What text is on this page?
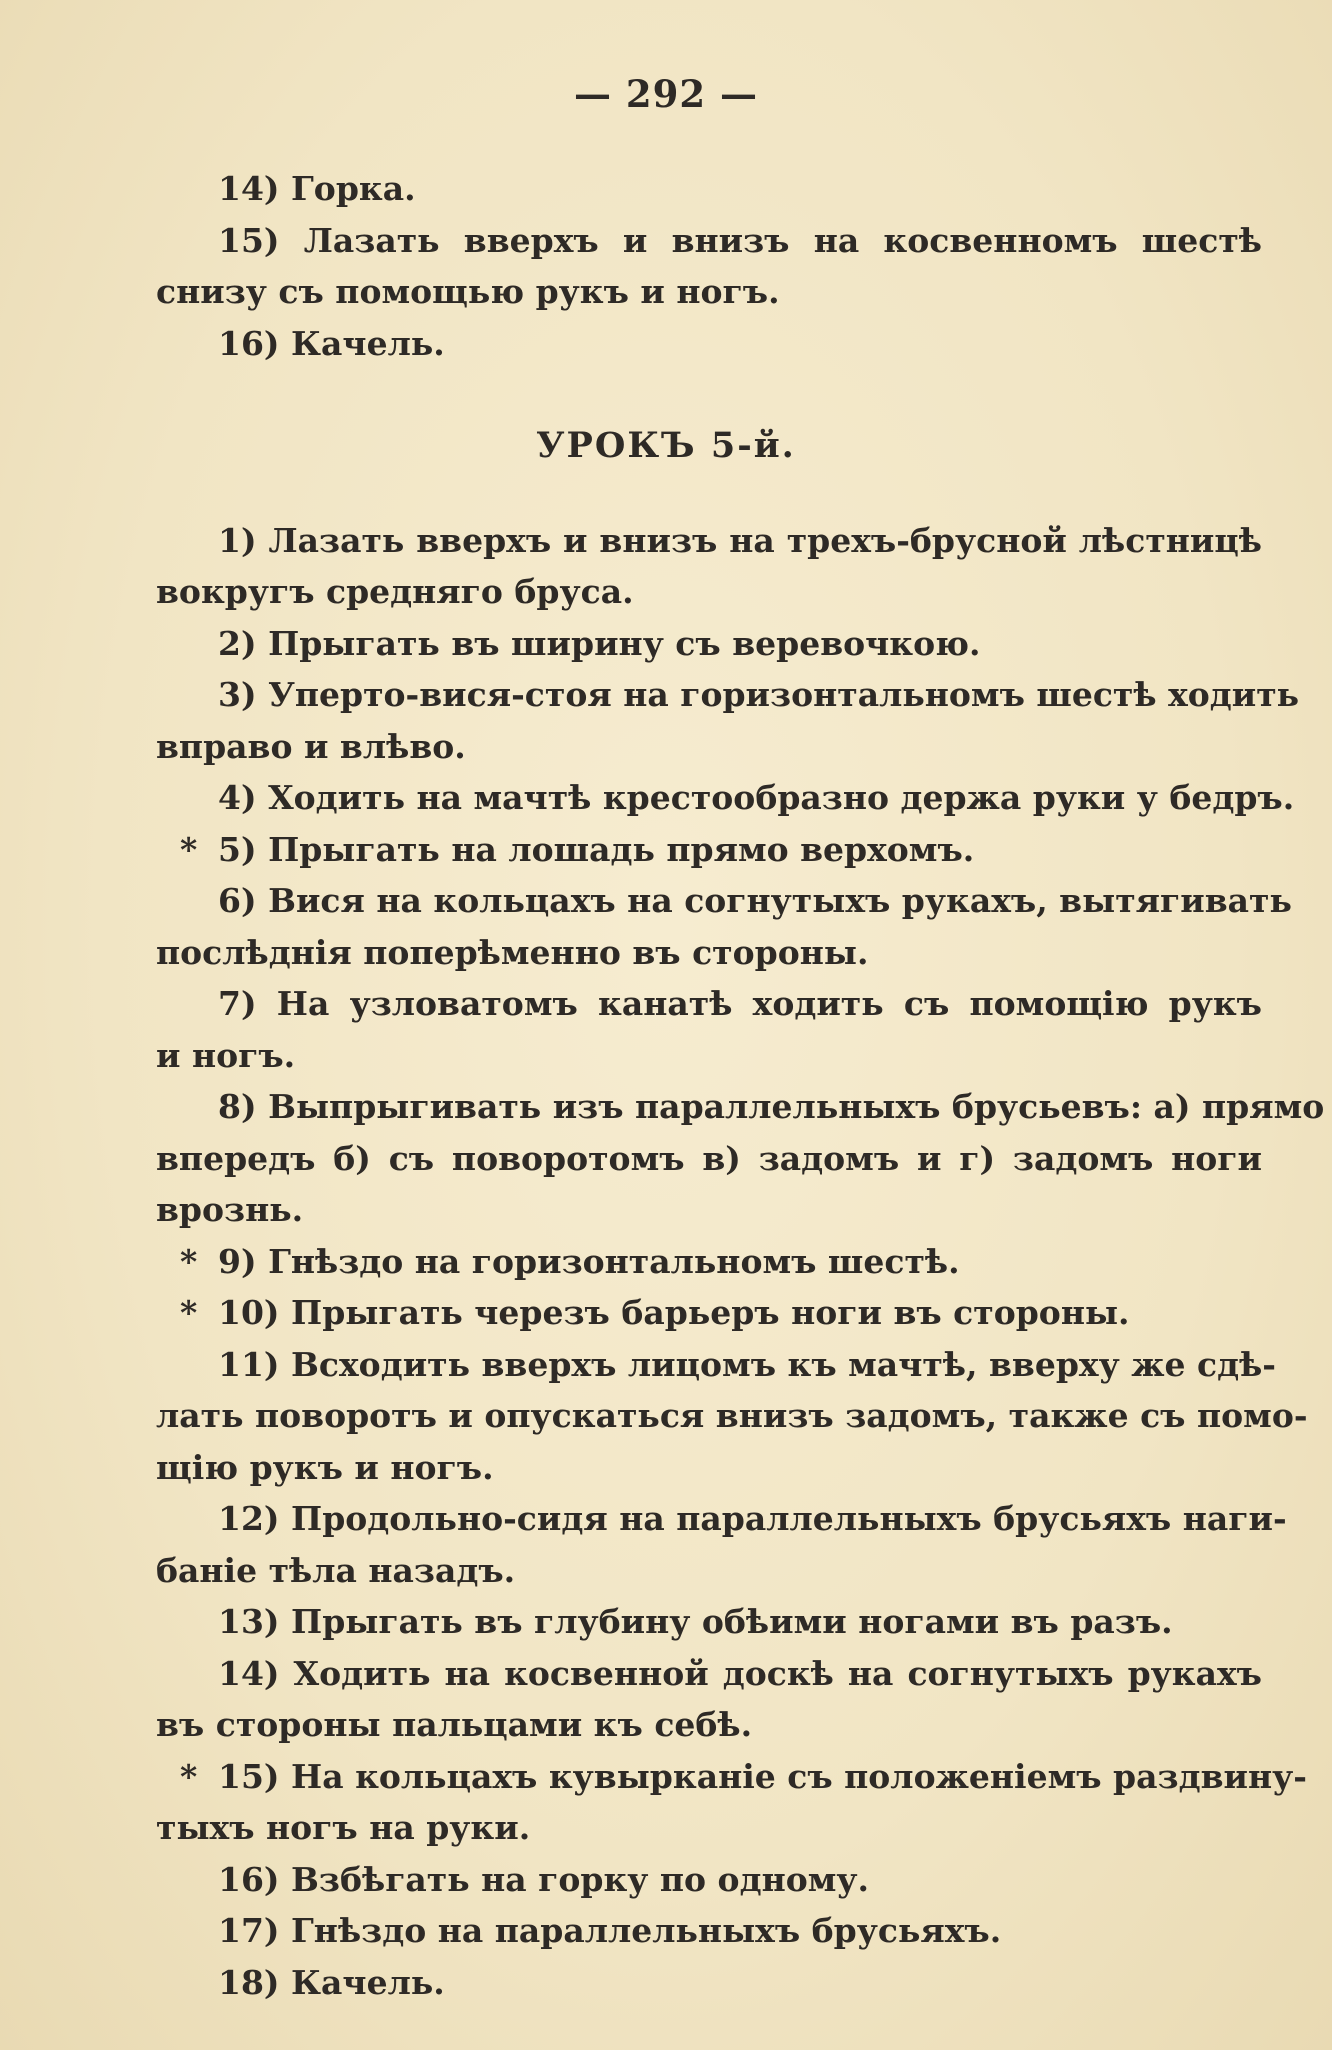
— 292 —
14) Горка.
15) Лазать вверхъ и внизъ на косвенномъ шестѣ
снизу съ помощью рукъ и ногъ.
16) Качель.
УРОКЪ 5-й.
1) Лазать вверхъ и внизъ на трехъ-брусной лѣстницѣ
вокругъ средняго бруса.
2) Прыгать въ ширину съ веревочкою.
3) Уперто-вися-стоя на горизонтальномъ шестѣ ходить
вправо и влѣво.
4) Ходить на мачтѣ крестообразно держа руки у бедръ.
* 5) Прыгать на лошадь прямо верхомъ.
6) Вися на кольцахъ на согнутыхъ рукахъ, вытягивать
послѣднія поперѣменно въ стороны.
7) На узловатомъ канатѣ ходить съ помощію рукъ
и ногъ.
8) Выпрыгивать изъ параллельныхъ брусьевъ: а) прямо
впередъ б) съ поворотомъ в) задомъ и г) задомъ ноги
врознь.
* 9) Гнѣздо на горизонтальномъ шестѣ.
* 10) Прыгать черезъ барьеръ ноги въ стороны.
11) Всходить вверхъ лицомъ къ мачтѣ, вверху же сдѣ-
лать поворотъ и опускаться внизъ задомъ, также съ помо-
щію рукъ и ногъ.
12) Продольно-сидя на параллельныхъ брусьяхъ наги-
баніе тѣла назадъ.
13) Прыгать въ глубину обѣими ногами въ разъ.
14) Ходить на косвенной доскѣ на согнутыхъ рукахъ
въ стороны пальцами къ себѣ.
* 15) На кольцахъ кувырканіе съ положеніемъ раздвину-
тыхъ ногъ на руки.
16) Взбѣгать на горку по одному.
17) Гнѣздо на параллельныхъ брусьяхъ.
18) Качель.
